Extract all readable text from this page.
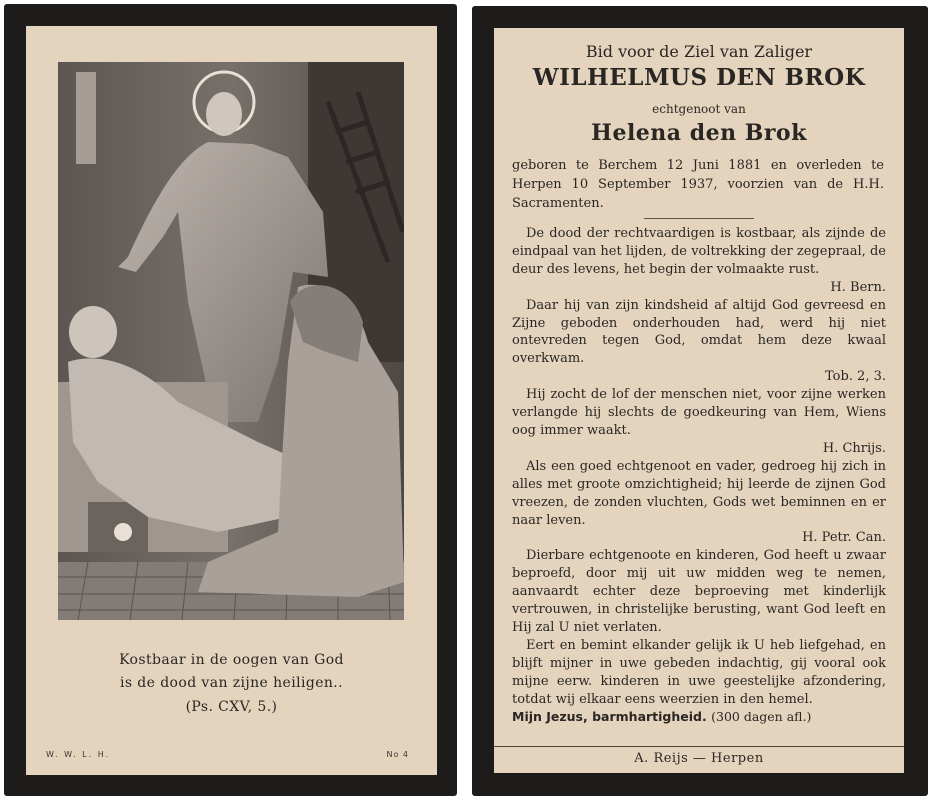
Kostbaar in de oogen van God
is de dood van zijne heiligen..
(Ps. CXV, 5.)
W. W. L. H.	No 4
Bid voor de Ziel van Zaliger
WILHELMUS DEN BROK
echtgenoot van
Helena den Brok
geboren te Berchem 12 Juni 1881 en overleden te Herpen 10 September 1937, voorzien van de H.H. Sacramenten.

De dood der rechtvaardigen is kostbaar, als zijnde de eindpaal van het lijden, de voltrekking der zegepraal, de deur des levens, het begin der volmaakte rust.

H. Bern.

Daar hij van zijn kindsheid af altijd God gevreesd en Zijne geboden onderhouden had, werd hij niet ontevreden tegen God, omdat hem deze kwaal overkwam.

Tob. 2, 3.

Hij zocht de lof der menschen niet, voor zijne werken verlangde hij slechts de goedkeuring van Hem, Wiens oog immer waakt.

H. Chrijs.

Als een goed echtgenoot en vader, gedroeg hij zich in alles met groote omzichtigheid; hij leerde de zijnen God vreezen, de zonden vluchten, Gods wet beminnen en er naar leven.

H. Petr. Can.

Dierbare echtgenoote en kinderen, God heeft u zwaar beproefd, door mij uit uw midden weg te nemen, aanvaardt echter deze beproeving met kinderlijk vertrouwen, in christelijke berusting, want God leeft en Hij zal U niet verlaten.

Eert en bemint elkander gelijk ik U heb liefgehad, en blijft mijner in uwe gebeden indachtig, gij vooral ook mijne eerw. kinderen in uwe geestelijke afzondering, totdat wij elkaar eens weerzien in den hemel.

Mijn Jezus, barmhartigheid. (300 dagen afl.)

A. Reijs — Herpen
